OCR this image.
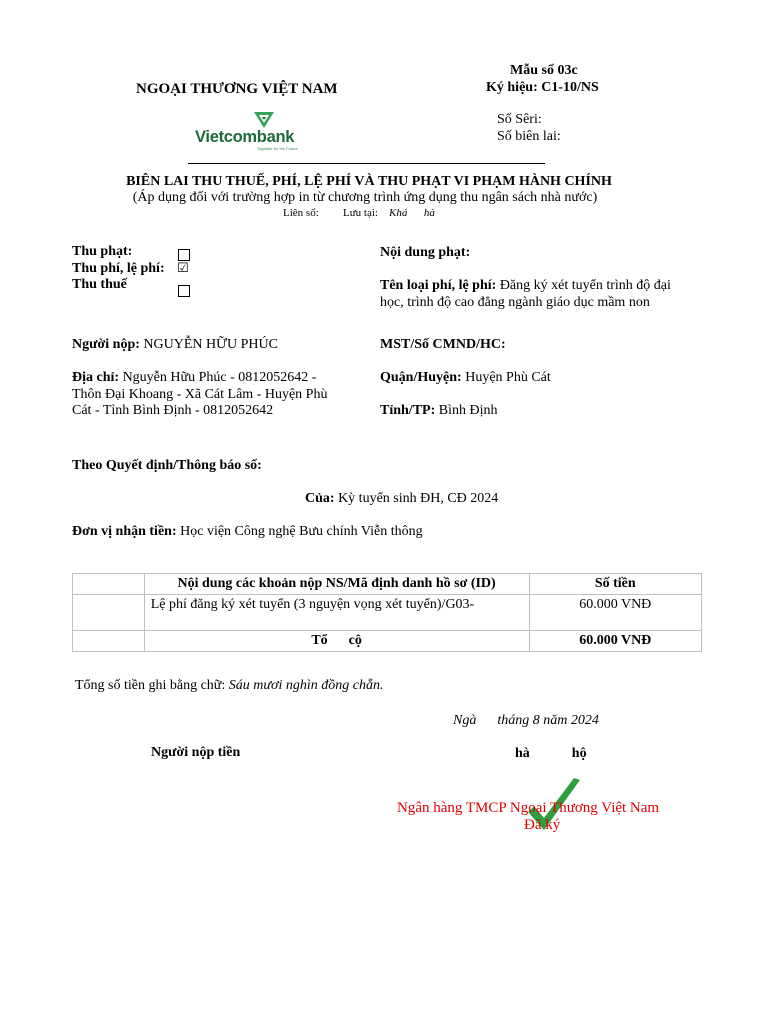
NGOẠI THƯƠNG VIỆT NAM
Mẫu số 03c
Ký hiệu: C1-10/NS
Số Sêri:
Số biên lai:
Vietcombank
Together for the Future
BIÊN LAI THU THUẾ, PHÍ, LỆ PHÍ VÀ THU PHẠT VI PHẠM HÀNH CHÍNH
(Áp dụng đối với trường hợp in từ chương trình ứng dụng thu ngân sách nhà nước)
Liên số: Lưu tại: Khá      hà
Thu phạt:
Thu phí, lệ phí: ☑
Thu thuế
Nội dung phạt:
Tên loại phí, lệ phí: Đăng ký xét tuyển trình độ đại
học, trình độ cao đẳng ngành giáo dục mầm non
Người nộp: NGUYỄN HỮU PHÚC	MST/Số CMND/HC:
Địa chỉ: Nguyễn Hữu Phúc - 0812052642 -
Thôn Đại Khoang - Xã Cát Lâm - Huyện Phù
Cát - Tỉnh Bình Định - 0812052642
Quận/Huyện: Huyện Phù Cát
Tỉnh/TP: Bình Định
Theo Quyết định/Thông báo số:
Của: Kỳ tuyển sinh ĐH, CĐ 2024
Đơn vị nhận tiền: Học viện Công nghệ Bưu chính Viễn thông
	Nội dung các khoản nộp NS/Mã định danh hồ sơ (ID)	Số tiền
	Lệ phí đăng ký xét tuyển (3 nguyện vọng xét tuyển)/G03-	60.000 VNĐ
	Tổ      cộ	60.000 VNĐ
Tổng số tiền ghi bằng chữ: Sáu mươi nghìn đồng chẵn.
Ngà      tháng 8 năm 2024
Người nộp tiền	hà            hộ
Ngân hàng TMCP Ngoại Thương Việt Nam
Đã ký
